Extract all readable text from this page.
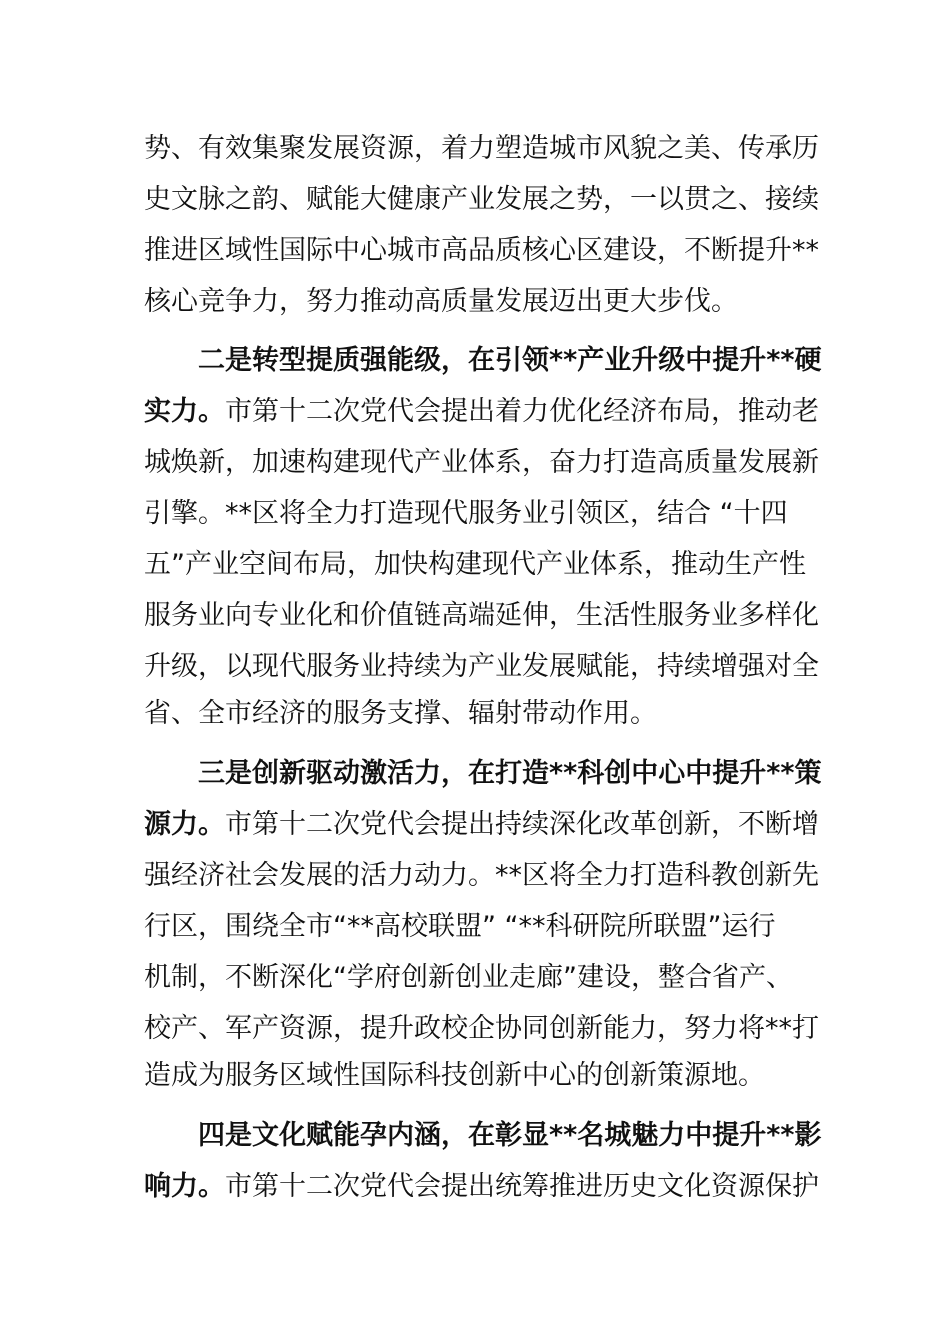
势、有效集聚发展资源，着力塑造城市风貌之美、传承历
史文脉之韵、赋能大健康产业发展之势，一以贯之、接续
推进区域性国际中心城市高品质核心区建设，不断提升**
核心竞争力，努力推动高质量发展迈出更大步伐。
二是转型提质强能级，在引领**产业升级中提升**硬
实力。市第十二次党代会提出着力优化经济布局，推动老
城焕新，加速构建现代产业体系，奋力打造高质量发展新
引擎。**区将全力打造现代服务业引领区，结合 “十四
五”产业空间布局，加快构建现代产业体系，推动生产性
服务业向专业化和价值链高端延伸，生活性服务业多样化
升级，以现代服务业持续为产业发展赋能，持续增强对全
省、全市经济的服务支撑、辐射带动作用。
三是创新驱动激活力，在打造**科创中心中提升**策
源力。市第十二次党代会提出持续深化改革创新，不断增
强经济社会发展的活力动力。**区将全力打造科教创新先
行区，围绕全市“**高校联盟” “**科研院所联盟”运行
机制，不断深化“学府创新创业走廊”建设，整合省产、
校产、军产资源，提升政校企协同创新能力，努力将**打
造成为服务区域性国际科技创新中心的创新策源地。
四是文化赋能孕内涵，在彰显**名城魅力中提升**影
响力。市第十二次党代会提出统筹推进历史文化资源保护
